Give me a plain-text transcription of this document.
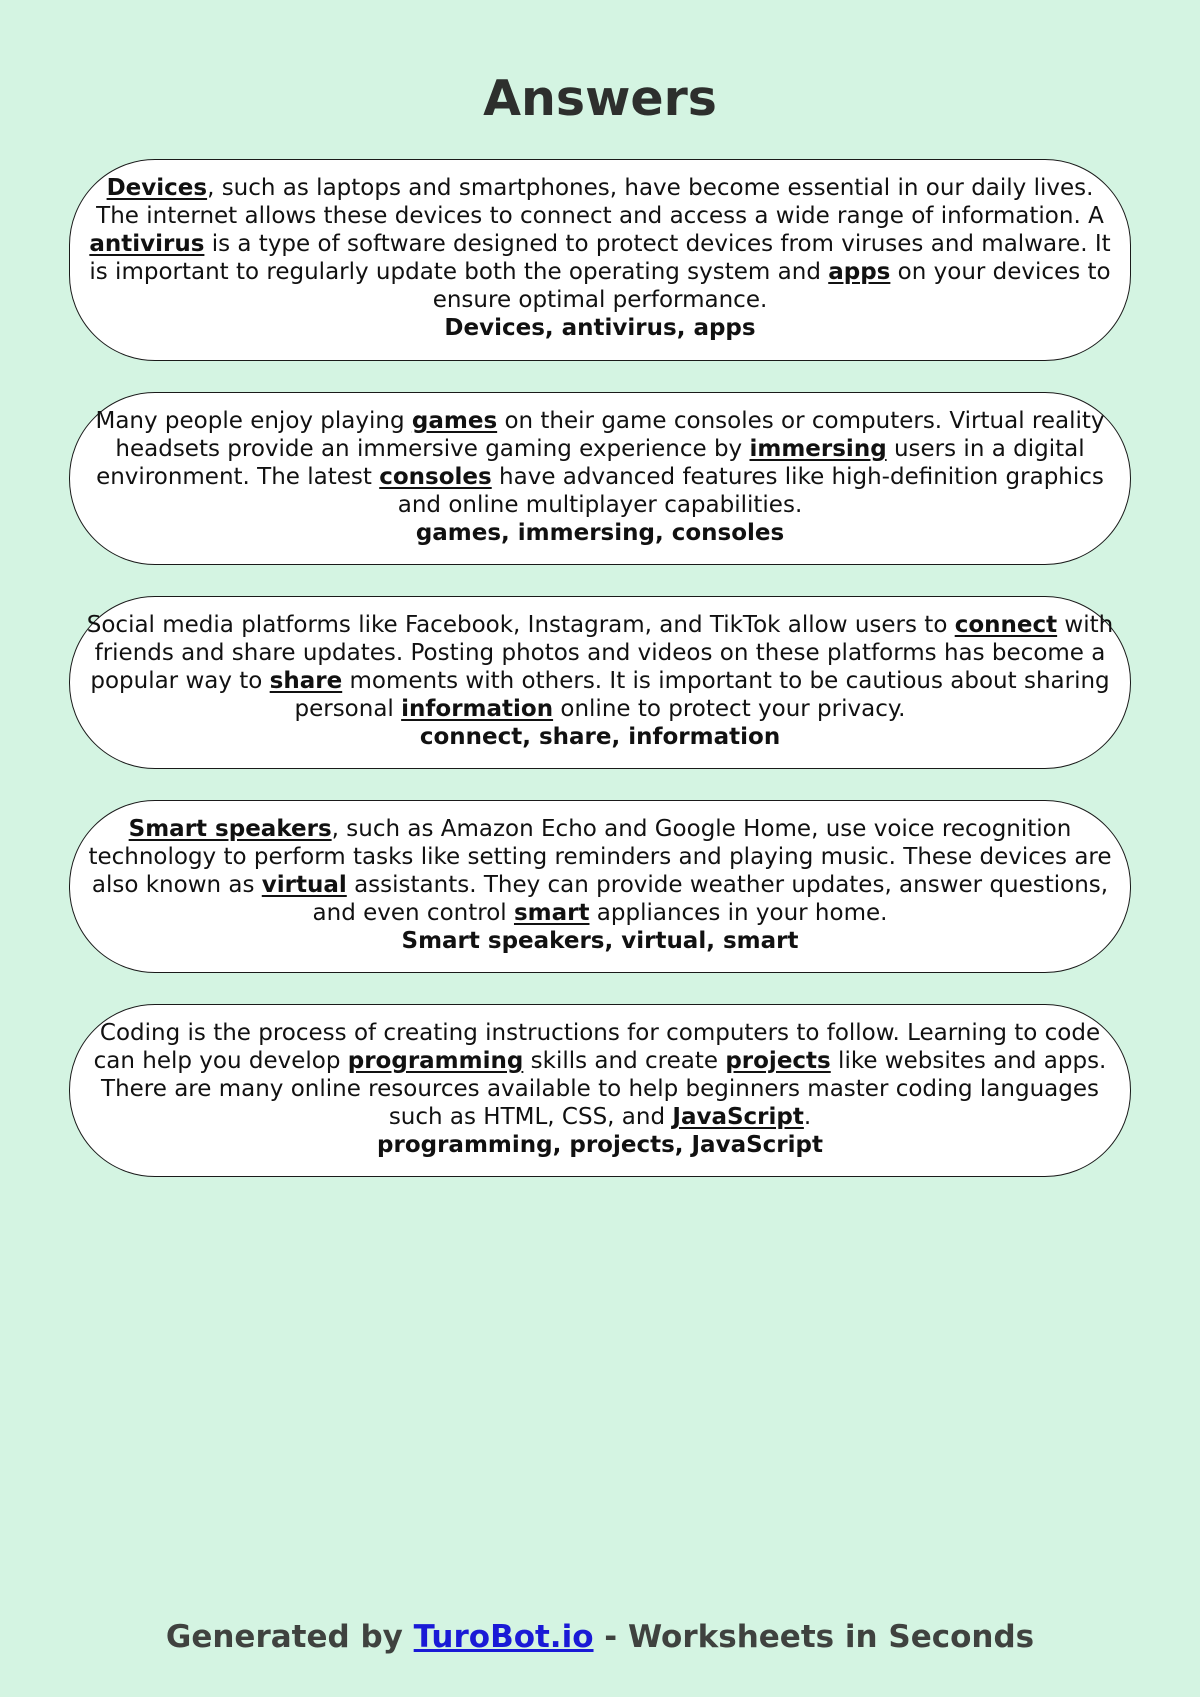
Answers

Devices, such as laptops and smartphones, have become essential in our daily lives. The internet allows these devices to connect and access a wide range of information. A antivirus is a type of software designed to protect devices from viruses and malware. It is important to regularly update both the operating system and apps on your devices to ensure optimal performance.

Devices, antivirus, apps

Many people enjoy playing games on their game consoles or computers. Virtual reality headsets provide an immersive gaming experience by immersing users in a digital environment. The latest consoles have advanced features like high-definition graphics and online multiplayer capabilities.

games, immersing, consoles

Social media platforms like Facebook, Instagram, and TikTok allow users to connect with friends and share updates. Posting photos and videos on these platforms has become a popular way to share moments with others. It is important to be cautious about sharing personal information online to protect your privacy.

connect, share, information

Smart speakers, such as Amazon Echo and Google Home, use voice recognition technology to perform tasks like setting reminders and playing music. These devices are also known as virtual assistants. They can provide weather updates, answer questions, and even control smart appliances in your home.

Smart speakers, virtual, smart

Coding is the process of creating instructions for computers to follow. Learning to code can help you develop programming skills and create projects like websites and apps. There are many online resources available to help beginners master coding languages such as HTML, CSS, and JavaScript.

programming, projects, JavaScript

Generated by TuroBot.io - Worksheets in Seconds
